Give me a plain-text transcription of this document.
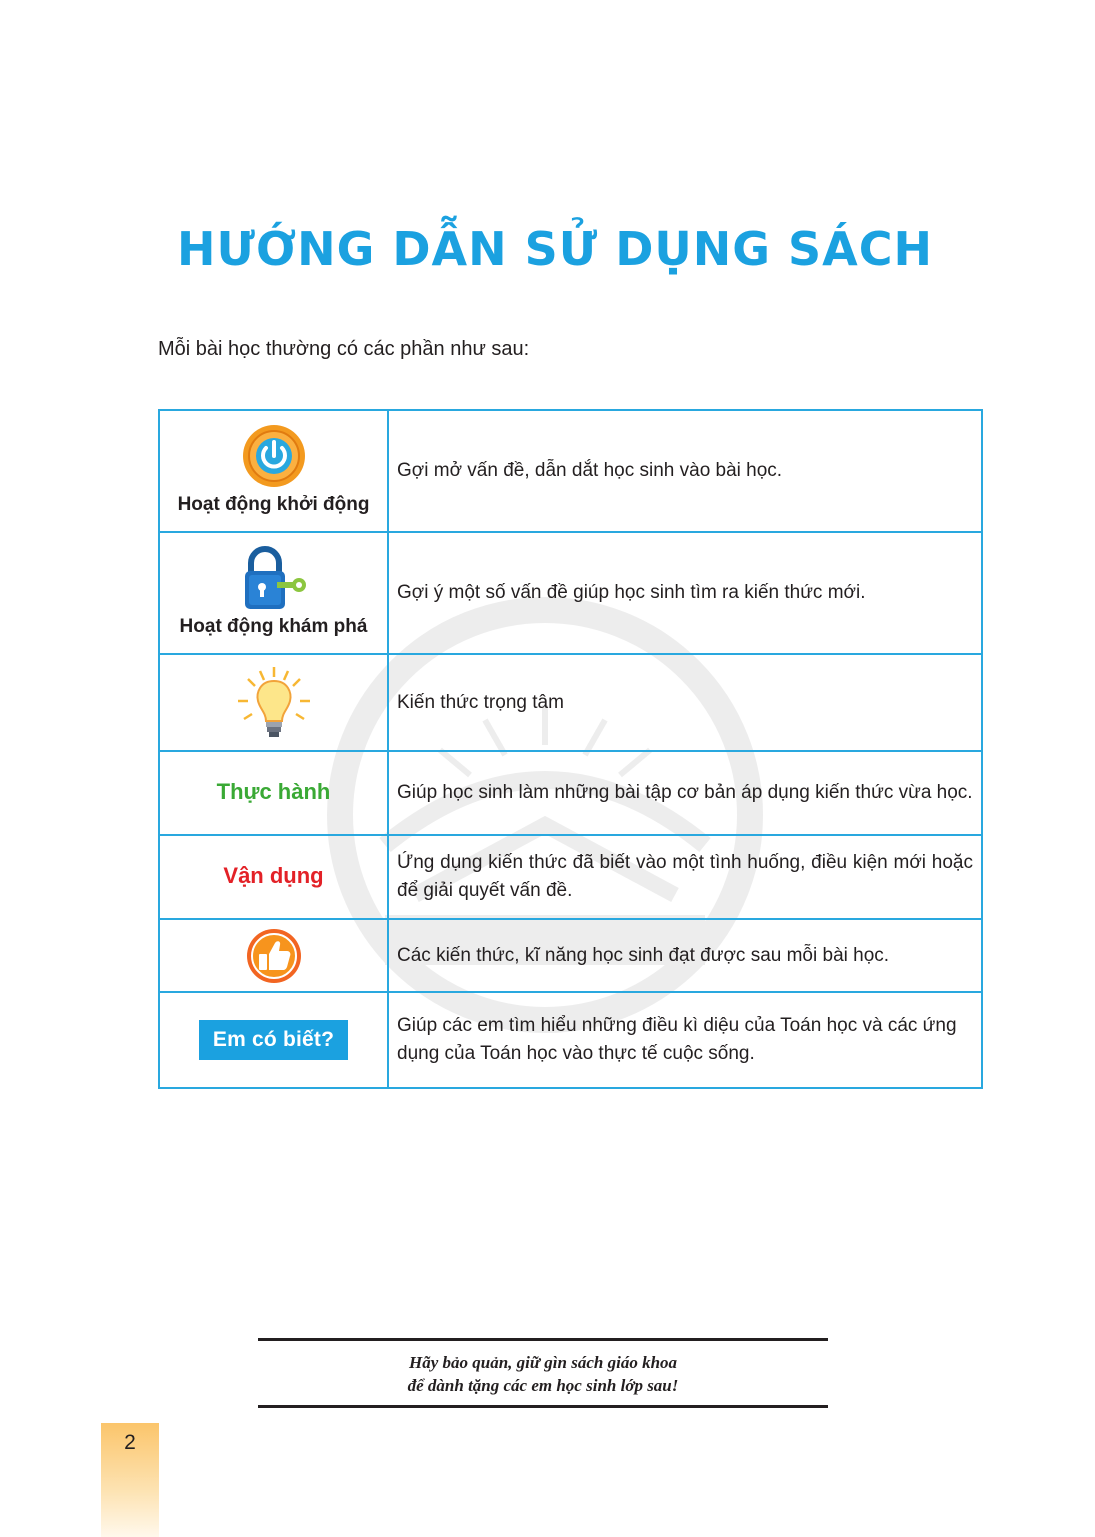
HƯỚNG DẪN SỬ DỤNG SÁCH
Mỗi bài học thường có các phần như sau:
Hoạt động khởi động	Gợi mở vấn đề, dẫn dắt học sinh vào bài học.

Hoạt động khám phá	Gợi ý một số vấn đề giúp học sinh tìm ra kiến thức mới.

	Kiến thức trọng tâm
Thực hành	Giúp học sinh làm những bài tập cơ bản áp dụng kiến thức vừa học.
Vận dụng	Ứng dụng kiến thức đã biết vào một tình huống, điều kiện mới hoặc để giải quyết vấn đề.

	Các kiến thức, kĩ năng học sinh đạt được sau mỗi bài học.
Em có biết?	Giúp các em tìm hiểu những điều kì diệu của Toán học và các ứng dụng của Toán học vào thực tế cuộc sống.
Hãy bảo quản, giữ gìn sách giáo khoa
để dành tặng các em học sinh lớp sau!
2
